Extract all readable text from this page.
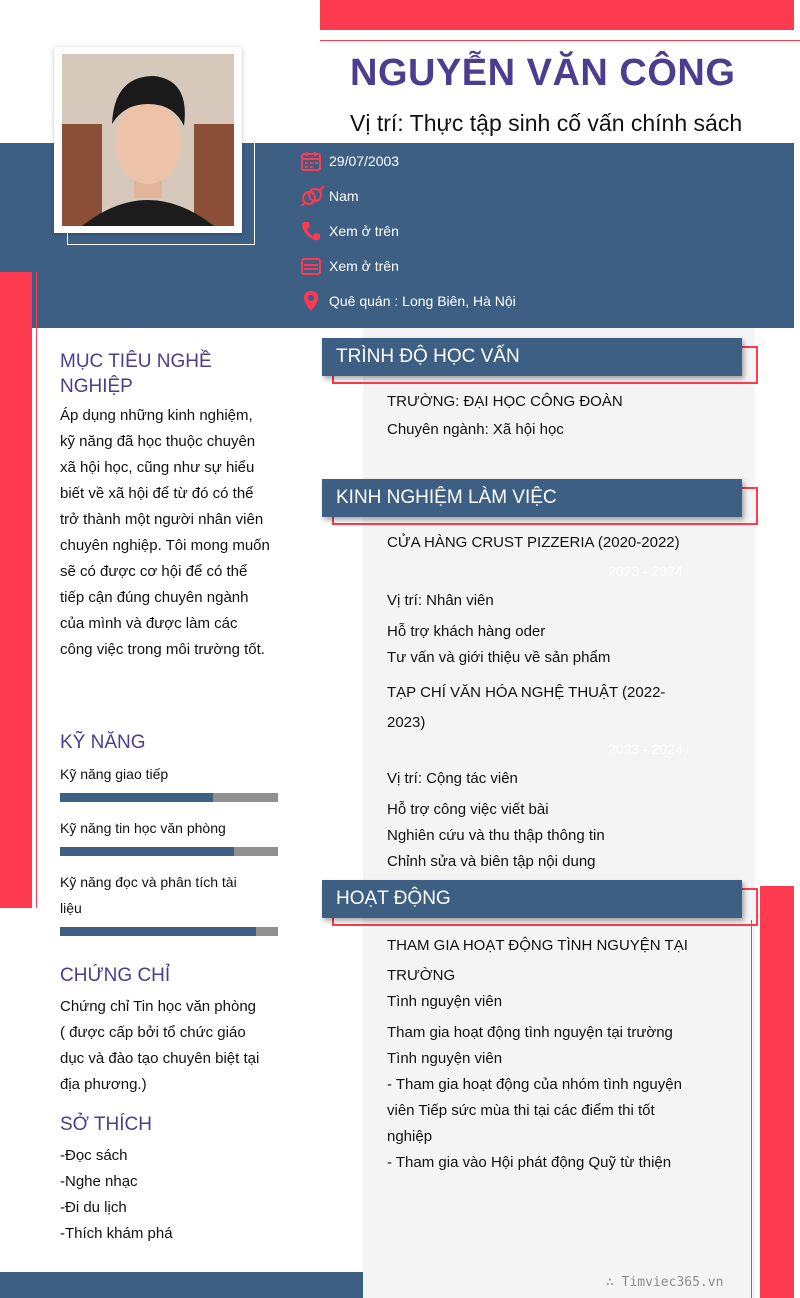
NGUYỄN VĂN CÔNG
Vị trí: Thực tập sinh cố vấn chính sách
29/07/2003
Nam
Xem ở trên
Xem ở trên
Quê quán : Long Biên, Hà Nội
MỤC TIÊU NGHỀ NGHIỆP
Áp dụng những kinh nghiệm, kỹ năng đã học thuộc chuyên xã hội học, cũng như sự hiểu biết về xã hội để từ đó có thể trở thành một người nhân viên chuyên nghiệp. Tôi mong muốn sẽ có được cơ hội để có thể tiếp cận đúng chuyên ngành của mình và được làm các công việc trong môi trường tốt.
KỸ NĂNG
Kỹ năng giao tiếp
Kỹ năng tin học văn phòng
Kỹ năng đọc và phân tích tài liệu
CHỨNG CHỈ
Chứng chỉ Tin học văn phòng ( được cấp bởi tổ chức giáo dục và đào tạo chuyên biệt tại địa phương.)
SỞ THÍCH
-Đọc sách
-Nghe nhạc
-Đi du lịch
-Thích khám phá
TRÌNH ĐỘ HỌC VẤN
TRƯỜNG: ĐẠI HỌC CÔNG ĐOÀN
Chuyên ngành: Xã hội học
KINH NGHIỆM LÀM VIỆC
CỬA HÀNG CRUST PIZZERIA (2020-2022)
2023 - 2024
Vị trí: Nhân viên
Hỗ trợ khách hàng oder
Tư vấn và giới thiệu về sản phẩm
TẠP CHÍ VĂN HÓA NGHỆ THUẬT (2022-2023)
2023 - 2024
Vị trí: Cộng tác viên
Hỗ trợ công việc viết bài
Nghiên cứu và thu thập thông tin
Chỉnh sửa và biên tập nội dung
HOẠT ĐỘNG
THAM GIA HOẠT ĐỘNG TÌNH NGUYỆN TẠI TRƯỜNG
Tình nguyện viên
Tham gia hoạt động tình nguyện tại trường
Tình nguyện viên
- Tham gia hoạt động của nhóm tình nguyện viên Tiếp sức mùa thi tại các điểm thi tốt nghiệp
- Tham gia vào Hội phát động Quỹ từ thiện
∴ Timviec365.vn
